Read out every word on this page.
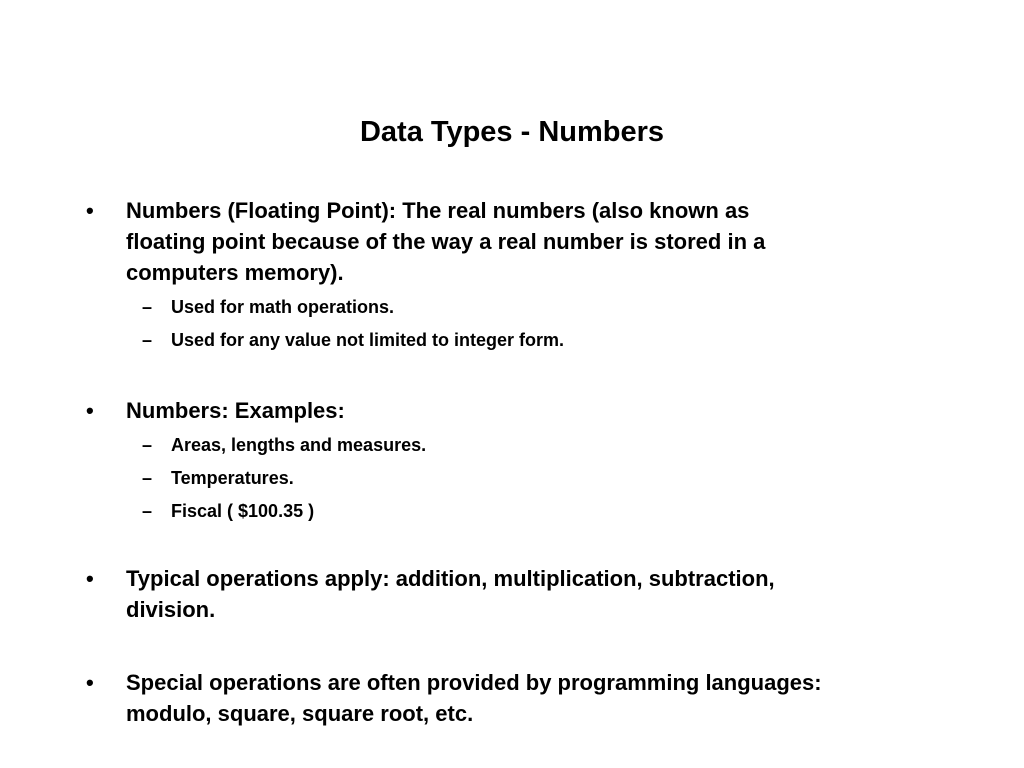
Data Types - Numbers
• Numbers (Floating Point): The real numbers (also known as
floating point because of the way a real number is stored in a
computers memory).
– Used for math operations.
– Used for any value not limited to integer form.
• Numbers: Examples:
– Areas, lengths and measures.
– Temperatures.
– Fiscal ( $100.35 )
• Typical operations apply: addition, multiplication, subtraction,
division.
• Special operations are often provided by programming languages:
modulo, square, square root, etc.
